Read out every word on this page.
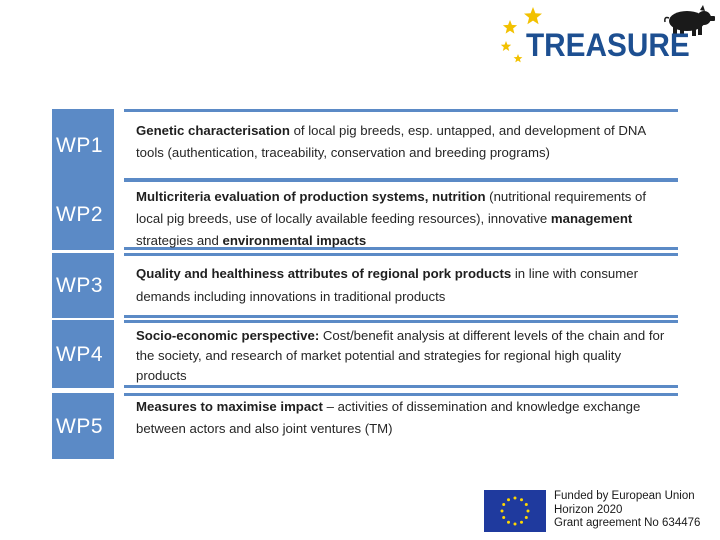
TREASURE
WP1
Genetic characterisation of local pig breeds, esp. untapped, and development of DNA tools (authentication, traceability, conservation and breeding programs)
WP2
Multicriteria evaluation of production systems, nutrition (nutritional requirements of local pig breeds, use of locally available feeding resources), innovative management strategies and environmental impacts
WP3
Quality and healthiness attributes of regional pork products in line with consumer demands including innovations in traditional products
WP4
Socio-economic perspective: Cost/benefit analysis at different levels of the chain and for the society, and research of market potential and strategies for regional high quality products
WP5
Measures to maximise impact – activities of dissemination and knowledge exchange between actors and also joint ventures (TM)
Funded by European Union
Horizon 2020
Grant agreement No 634476
